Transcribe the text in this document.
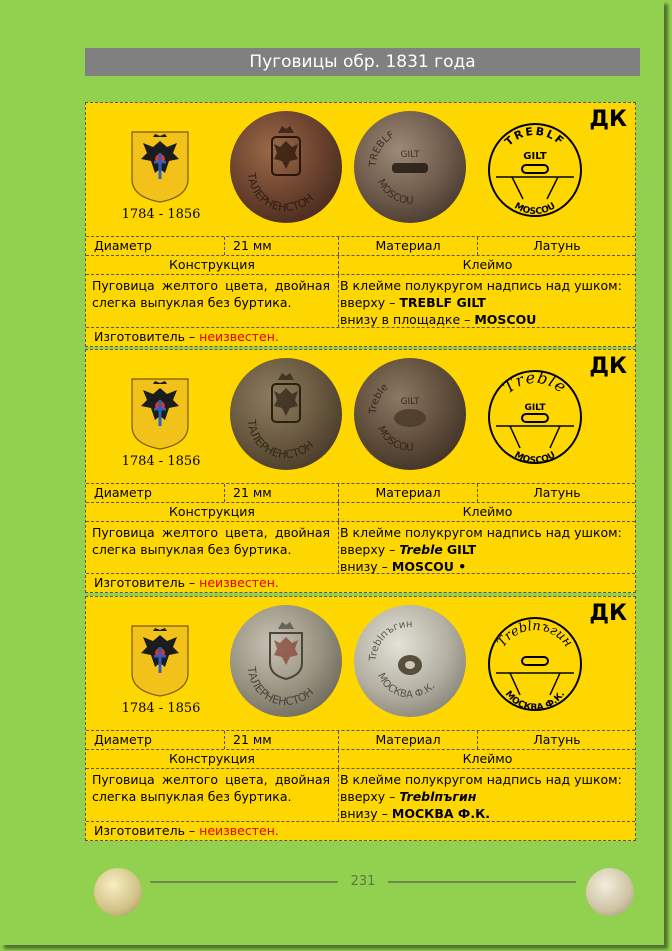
Пуговицы обр. 1831 года
1784 - 1856
ТАЛЕРНЕНСТОН
TREBLF
MOSCOU
GILT
TREBLF
GILT
MOSCOU
ДК
Диаметр	21 мм	Материал	Латунь
Конструкция	Клеймо
Пуговица желтого цвета, двойная слегка выпуклая без буртика.
В клейме полукругом надпись над ушком:
вверху – TREBLF GILT
внизу в площадке – MOSCOU
Изготовитель – неизвестен.
1784 - 1856
ТАЛЕРНЕНСТОН
Treble
MOSCOU
GILT
Treble
GILT
MOSCOU
ДК
Диаметр	21 мм	Материал	Латунь
Конструкция	Клеймо
Пуговица желтого цвета, двойная слегка выпуклая без буртика.
В клейме полукругом надпись над ушком:
вверху – Treble GILT
внизу – MOSCOU •
Изготовитель – неизвестен.
1784 - 1856
ТАЛЕРНЕНСТОН
Treblпъгин
МОСКВА Ф.К.
Treblпъгин
МОСКВА Ф.К.
ДК
Диаметр	21 мм	Материал	Латунь
Конструкция	Клеймо
Пуговица желтого цвета, двойная слегка выпуклая без буртика.
В клейме полукругом надпись над ушком:
вверху – Treblпъгин
внизу – МОСКВА Ф.К.
Изготовитель – неизвестен.
231
